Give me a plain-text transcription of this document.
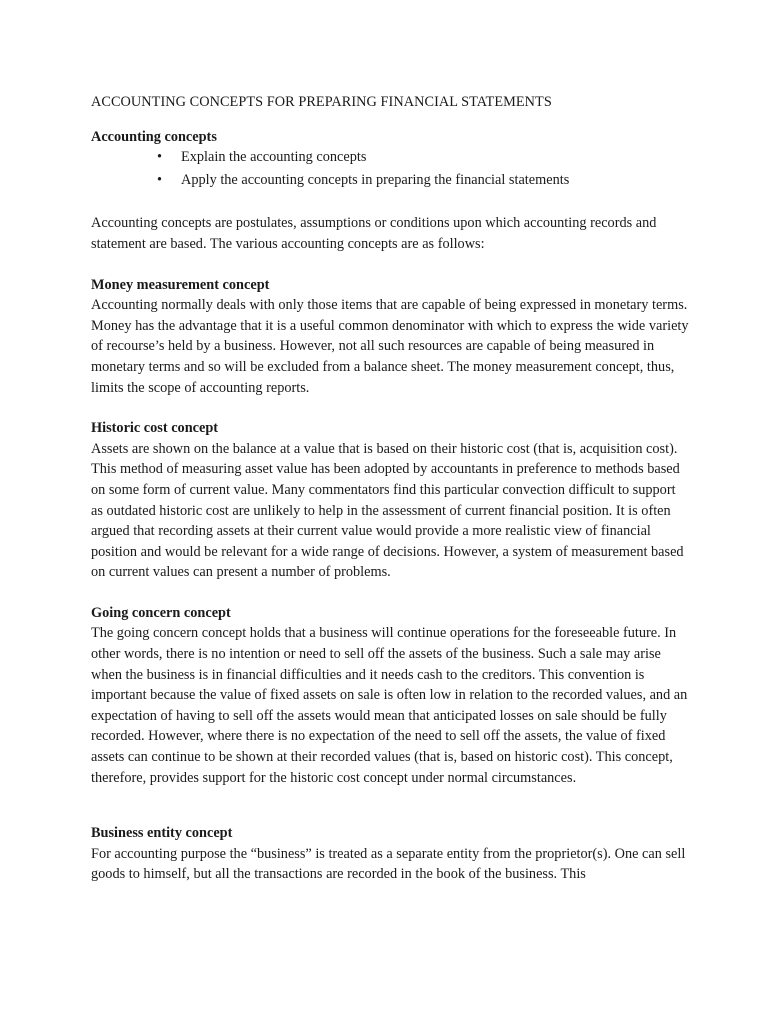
ACCOUNTING CONCEPTS FOR PREPARING FINANCIAL STATEMENTS
Accounting concepts
• Explain the accounting concepts
• Apply the accounting concepts in preparing the financial statements

Accounting concepts are postulates, assumptions or conditions upon which accounting records and statement are based. The various accounting concepts are as follows:

Money measurement concept

Accounting normally deals with only those items that are capable of being expressed in monetary terms. Money has the advantage that it is a useful common denominator with which to express the wide variety of recourse’s held by a business. However, not all such resources are capable of being measured in monetary terms and so will be excluded from a balance sheet. The money measurement concept, thus, limits the scope of accounting reports.

Historic cost concept

Assets are shown on the balance at a value that is based on their historic cost (that is, acquisition cost). This method of measuring asset value has been adopted by accountants in preference to methods based on some form of current value. Many commentators find this particular convection difficult to support as outdated historic cost are unlikely to help in the assessment of current financial position. It is often argued that recording assets at their current value would provide a more realistic view of financial position and would be relevant for a wide range of decisions. However, a system of measurement based on current values can present a number of problems.

Going concern concept

The going concern concept holds that a business will continue operations for the foreseeable future. In other words, there is no intention or need to sell off the assets of the business. Such a sale may arise when the business is in financial difficulties and it needs cash to the creditors. This convention is important because the value of fixed assets on sale is often low in relation to the recorded values, and an expectation of having to sell off the assets would mean that anticipated losses on sale should be fully recorded. However, where there is no expectation of the need to sell off the assets, the value of fixed assets can continue to be shown at their recorded values (that is, based on historic cost). This concept, therefore, provides support for the historic cost concept under normal circumstances.

Business entity concept

For accounting purpose the “business” is treated as a separate entity from the proprietor(s). One can sell goods to himself, but all the transactions are recorded in the book of the business. This
